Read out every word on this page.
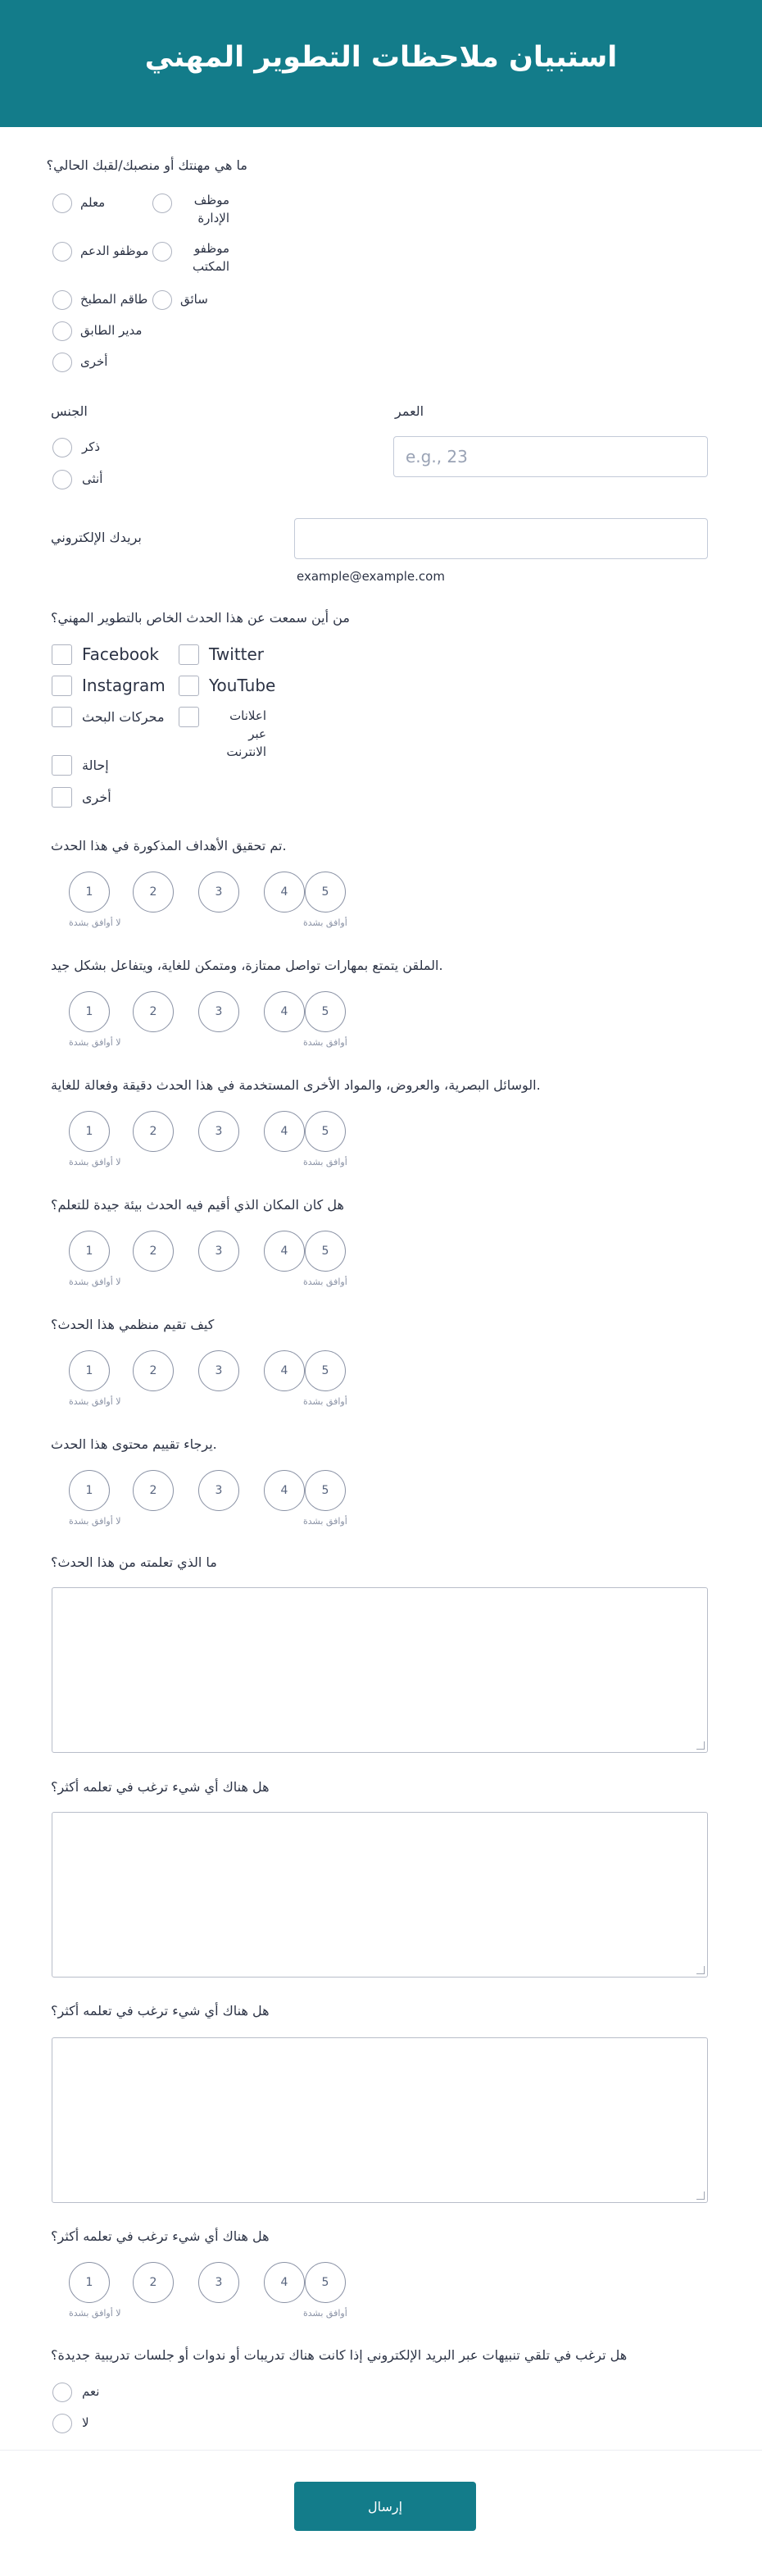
استبيان ملاحظات التطوير المهني
ما هي مهنتك أو منصبك/لقبك الحالي؟
معلم	موظف الإدارة
موظفو الدعم	موظفو المكتب
طاقم المطبخ	سائق
مدير الطابق
أخرى
الجنس
ذكر
أنثى
العمر
e.g., 23
بريدك الإلكتروني
example@example.com
من أين سمعت عن هذا الحدث الخاص بالتطوير المهني؟
Facebook	Twitter
Instagram	YouTube
محركات البحث	اعلانات عبر الانترنت
إحالة
أخرى
تم تحقيق الأهداف المذكورة في هذا الحدث.
1	2	3	4	5
لا أوافق بشدة	أوافق بشدة
الملقن يتمتع بمهارات تواصل ممتازة، ومتمكن للغاية، ويتفاعل بشكل جيد.
1	2	3	4	5
لا أوافق بشدة	أوافق بشدة
الوسائل البصرية، والعروض، والمواد الأخرى المستخدمة في هذا الحدث دقيقة وفعالة للغاية.
1	2	3	4	5
لا أوافق بشدة	أوافق بشدة
هل كان المكان الذي أقيم فيه الحدث بيئة جيدة للتعلم؟
1	2	3	4	5
لا أوافق بشدة	أوافق بشدة
كيف تقيم منظمي هذا الحدث؟
1	2	3	4	5
لا أوافق بشدة	أوافق بشدة
يرجاء تقييم محتوى هذا الحدث.
1	2	3	4	5
لا أوافق بشدة	أوافق بشدة
ما الذي تعلمته من هذا الحدث؟
هل هناك أي شيء ترغب في تعلمه أكثر؟
هل هناك أي شيء ترغب في تعلمه أكثر؟
هل هناك أي شيء ترغب في تعلمه أكثر؟
1	2	3	4	5
لا أوافق بشدة	أوافق بشدة
هل ترغب في تلقي تنبيهات عبر البريد الإلكتروني إذا كانت هناك تدريبات أو ندوات أو جلسات تدريبية جديدة؟
نعم
لا
إرسال
